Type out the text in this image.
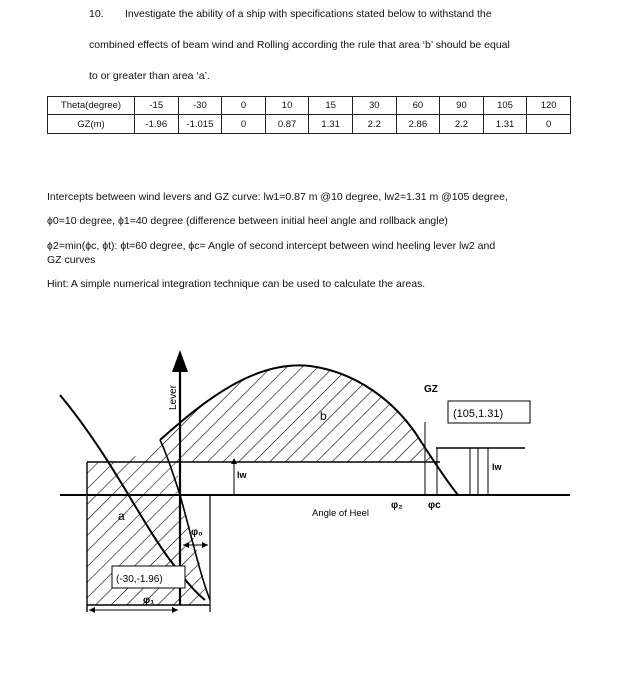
10. Investigate the ability of a ship with specifications stated below to withstand the
combined effects of beam wind and Rolling according the rule that area ‘b’ should be equal
to or greater than area ‘a’.
Theta(degree)	-15	-30	0	10	15	30	60	90	105	120
GZ(m)	-1.96	-1.015	0	0.87	1.31	2.2	2.86	2.2	1.31	0
Intercepts between wind levers and GZ curve: lw1=0.87 m @10 degree, lw2=1.31 m @105 degree,
ϕ0=10 degree, ϕ1=40 degree (difference between initial heel angle and rollback angle)
ϕ2=min(ϕc, ϕt): ϕt=60 degree, ϕc= Angle of second intercept between wind heeling lever lw2 and
GZ curves
Hint: A simple numerical integration technique can be used to calculate the areas.
Lever
Angle of Heel
GZ
a
b	(105,1.31)
(-30,-1.96)
φ₀
φ₁
φ₂	φc
lw
lw
